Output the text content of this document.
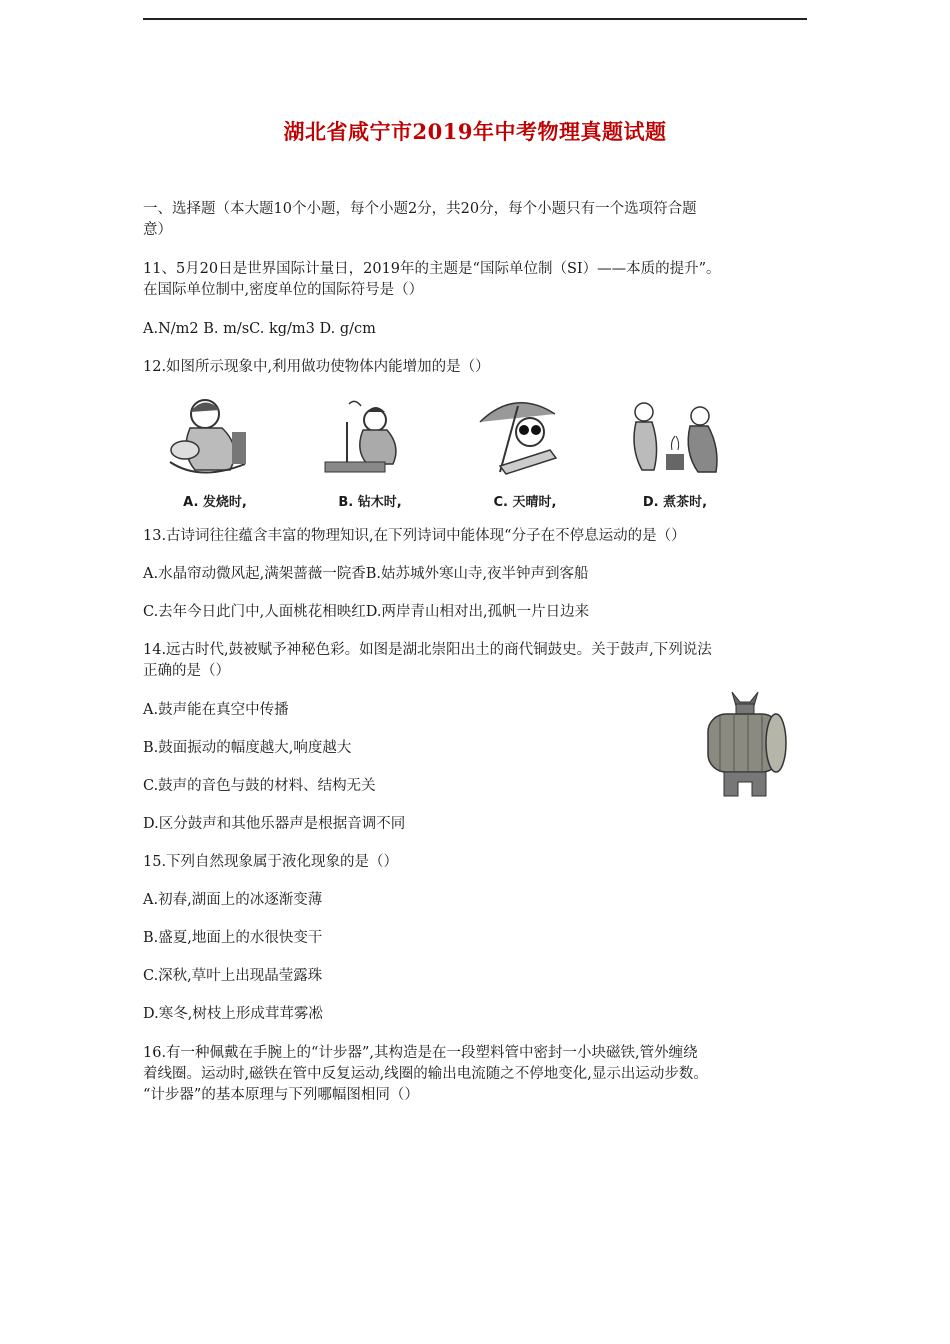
湖北省咸宁市2019年中考物理真题试题
一、选择题（本大题10个小题，每个小题2分，共20分，每个小题只有一个选项符合题
意）
11、5月20日是世界国际计量日，2019年的主题是“国际单位制（SI）——本质的提升”。
在国际单位制中,密度单位的国际符号是（）
A.N/m2 B. m/sC. kg/m3 D. g/cm
12.如图所示现象中,利用做功使物体内能增加的是（）
A. 发烧时,	B. 钻木时,	C. 天晴时,	D. 煮茶时,
13.古诗词往往蕴含丰富的物理知识,在下列诗词中能体现“分子在不停息运动的是（）
A.水晶帘动微风起,满架蔷薇一院香B.姑苏城外寒山寺,夜半钟声到客船
C.去年今日此门中,人面桃花相映红D.两岸青山相对出,孤帆一片日边来
14.远古时代,鼓被赋予神秘色彩。如图是湖北崇阳出土的商代铜鼓史。关于鼓声,下列说法
正确的是（）
A.鼓声能在真空中传播
B.鼓面振动的幅度越大,响度越大
C.鼓声的音色与鼓的材料、结构无关
D.区分鼓声和其他乐器声是根据音调不同
15.下列自然现象属于液化现象的是（）
A.初春,湖面上的冰逐渐变薄
B.盛夏,地面上的水很快变干
C.深秋,草叶上出现晶莹露珠
D.寒冬,树枝上形成茸茸雾凇
16.有一种佩戴在手腕上的“计步器”,其构造是在一段塑料管中密封一小块磁铁,管外缠绕
着线圈。运动时,磁铁在管中反复运动,线圈的输出电流随之不停地变化,显示出运动步数。
“计步器”的基本原理与下列哪幅图相同（）
